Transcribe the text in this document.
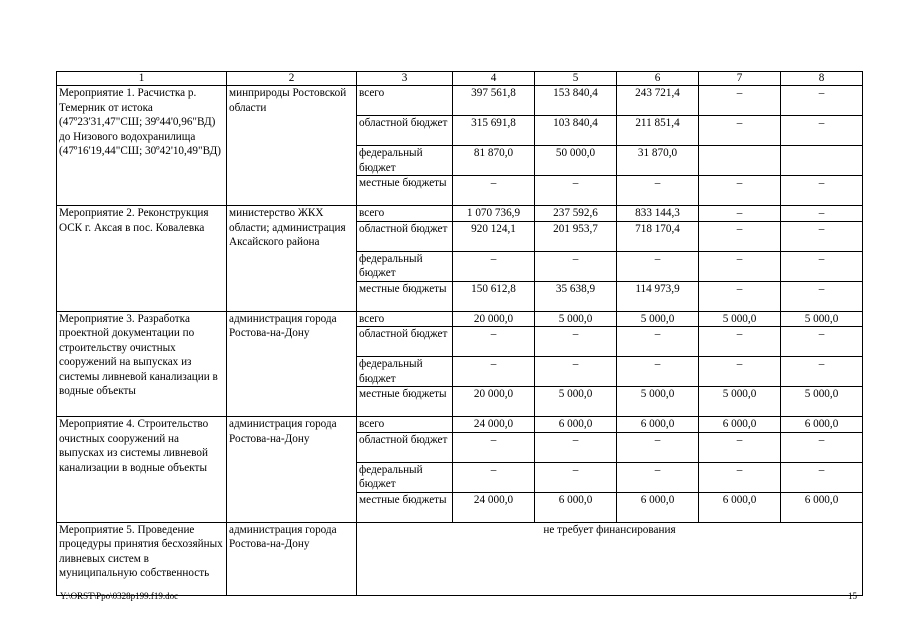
1	2	3	4	5	6	7	8
Мероприятие 1. Расчистка р. Темерник от истока (47º23'31,47"СШ; 39º44'0,96"ВД) до Низового водохранилища (47º16'19,44"СШ; 30º42'10,49"ВД)	минприроды Ростовской области	всего	397 561,8	153 840,4	243 721,4	–	–
		областной бюджет	315 691,8	103 840,4	211 851,4	–	–
		федеральный бюджет	81 870,0	50 000,0	31 870,0		
		местные бюджеты	–	–	–	–	–
Мероприятие 2. Реконструкция ОСК г. Аксая в пос. Ковалевка	министерство ЖКХ области; администрация Аксайского района	всего	1 070 736,9	237 592,6	833 144,3	–	–
		областной бюджет	920 124,1	201 953,7	718 170,4	–	–
		федеральный бюджет	–	–	–	–	–
		местные бюджеты	150 612,8	35 638,9	114 973,9	–	–
Мероприятие 3. Разработка проектной документации по строительству очистных сооружений на выпусках из системы ливневой канализации в водные объекты	администрация города Ростова-на-Дону	всего	20 000,0	5 000,0	5 000,0	5 000,0	5 000,0
		областной бюджет	–	–	–	–	–
		федеральный бюджет	–	–	–	–	–
		местные бюджеты	20 000,0	5 000,0	5 000,0	5 000,0	5 000,0
Мероприятие 4. Строительство очистных сооружений на выпусках из системы ливневой канализации в водные объекты	администрация города Ростова-на-Дону	всего	24 000,0	6 000,0	6 000,0	6 000,0	6 000,0
		областной бюджет	–	–	–	–	–
		федеральный бюджет	–	–	–	–	–
		местные бюджеты	24 000,0	6 000,0	6 000,0	6 000,0	6 000,0
Мероприятие 5. Проведение процедуры принятия бесхозяйных ливневых систем в муниципальную собственность	администрация города Ростова-на-Дону	не требует финансирования					
Y:\ORST\Ppo\0328p199.f19.doc	15
